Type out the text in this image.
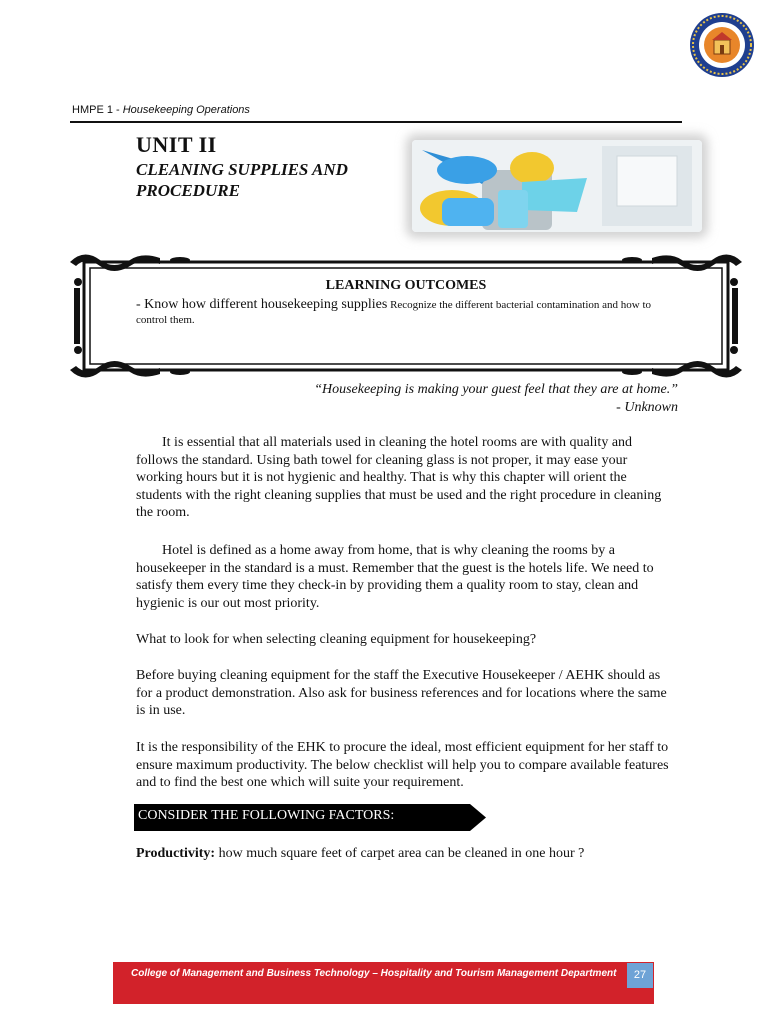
HMPE 1 - Housekeeping Operations
UNIT II
CLEANING SUPPLIES AND PROCEDURE
LEARNING OUTCOMES
- Know how different housekeeping supplies Recognize the different bacterial contamination and how to control them.
“Housekeeping is making your guest feel that they are at home.”
- Unknown
It is essential that all materials used in cleaning the hotel rooms are with quality and follows the standard. Using bath towel for cleaning glass is not proper, it may ease your working hours but it is not hygienic and healthy. That is why this chapter will orient the students with the right cleaning supplies that must be used and the right procedure in cleaning the room.
Hotel is defined as a home away from home, that is why cleaning the rooms by a housekeeper in the standard is a must. Remember that the guest is the hotels life. We need to satisfy them every time they check-in by providing them a quality room to stay, clean and hygienic is our out most priority.
What to look for when selecting cleaning equipment for housekeeping?
Before buying cleaning equipment for the staff the Executive Housekeeper / AEHK should as for a product demonstration. Also ask for business references and for locations where the same is in use.
It is the responsibility of the EHK to procure the ideal, most efficient equipment for her staff to ensure maximum productivity. The below checklist will help you to compare available features and to find the best one which will suite your requirement.
CONSIDER THE FOLLOWING FACTORS:
Productivity: how much square feet of carpet area can be cleaned in one hour ?
College of Management and Business Technology – Hospitality and Tourism Management Department	27
